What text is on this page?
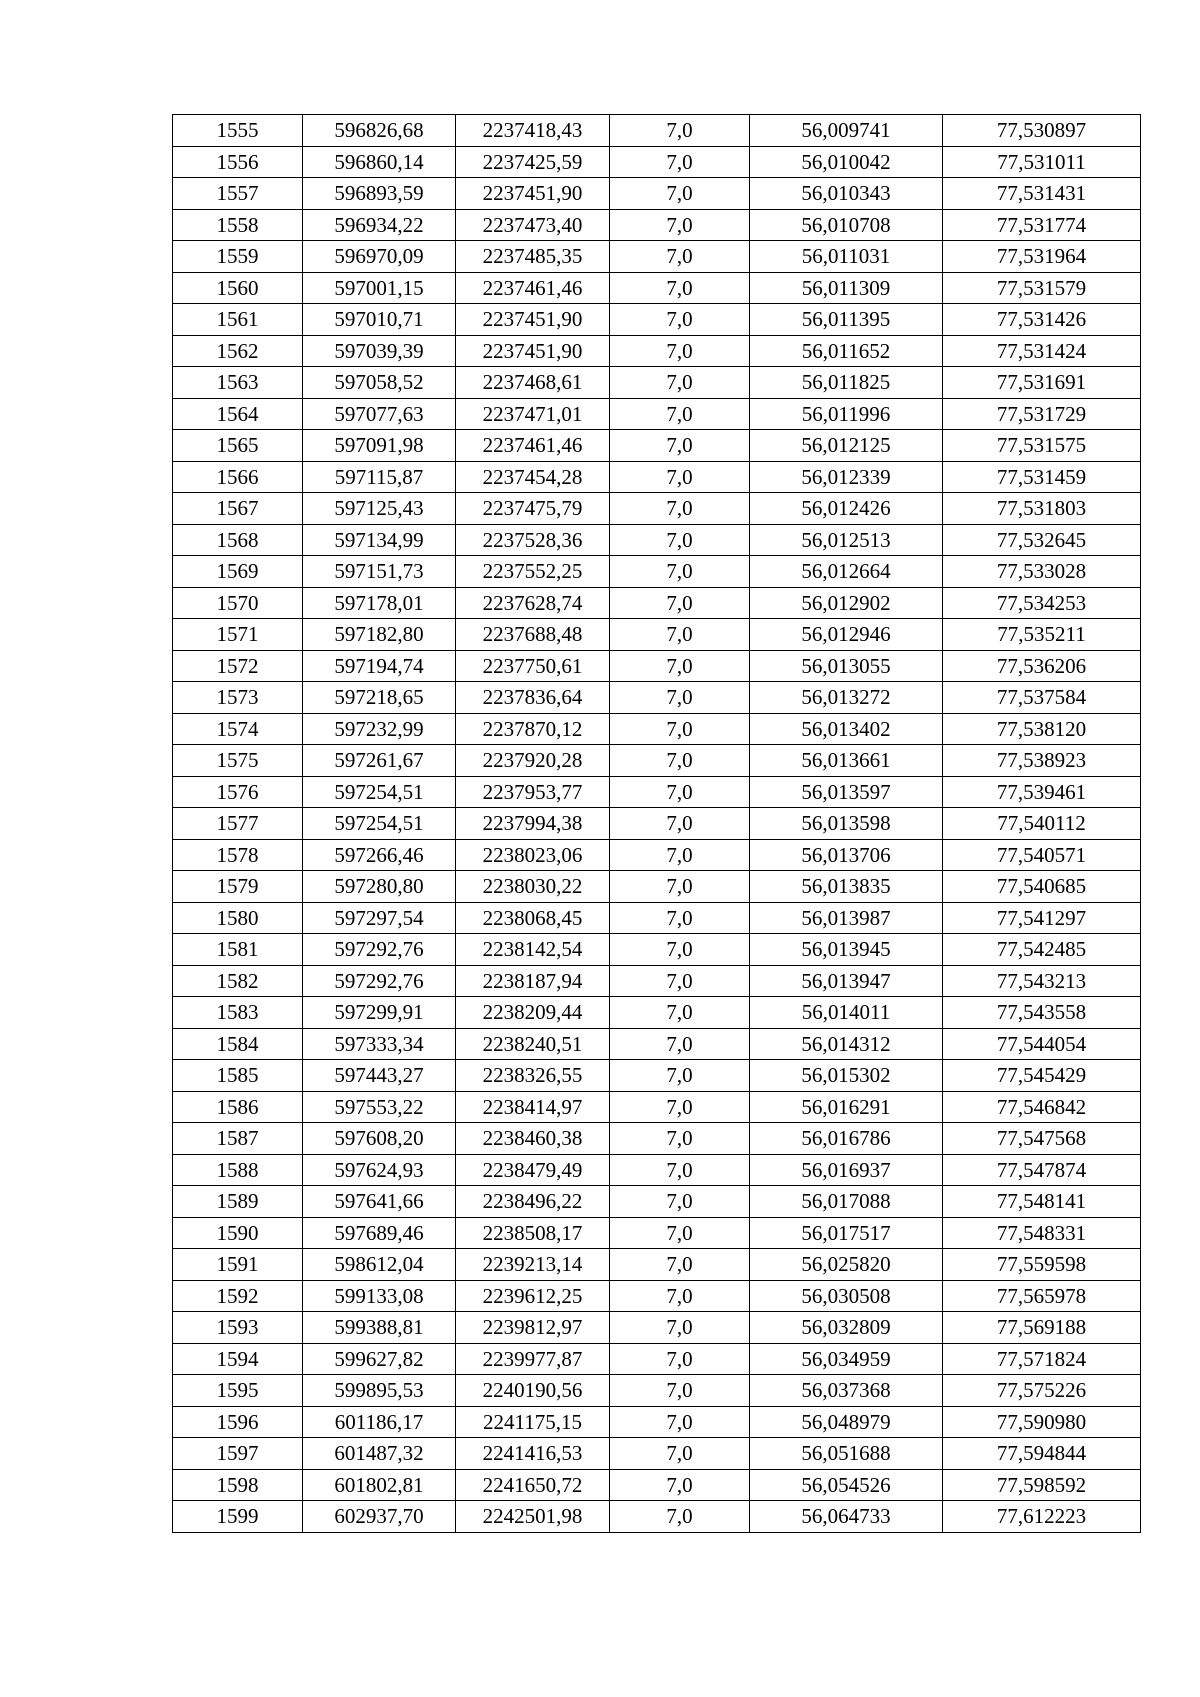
1555	596826,68	2237418,43	7,0	56,009741	77,530897
1556	596860,14	2237425,59	7,0	56,010042	77,531011
1557	596893,59	2237451,90	7,0	56,010343	77,531431
1558	596934,22	2237473,40	7,0	56,010708	77,531774
1559	596970,09	2237485,35	7,0	56,011031	77,531964
1560	597001,15	2237461,46	7,0	56,011309	77,531579
1561	597010,71	2237451,90	7,0	56,011395	77,531426
1562	597039,39	2237451,90	7,0	56,011652	77,531424
1563	597058,52	2237468,61	7,0	56,011825	77,531691
1564	597077,63	2237471,01	7,0	56,011996	77,531729
1565	597091,98	2237461,46	7,0	56,012125	77,531575
1566	597115,87	2237454,28	7,0	56,012339	77,531459
1567	597125,43	2237475,79	7,0	56,012426	77,531803
1568	597134,99	2237528,36	7,0	56,012513	77,532645
1569	597151,73	2237552,25	7,0	56,012664	77,533028
1570	597178,01	2237628,74	7,0	56,012902	77,534253
1571	597182,80	2237688,48	7,0	56,012946	77,535211
1572	597194,74	2237750,61	7,0	56,013055	77,536206
1573	597218,65	2237836,64	7,0	56,013272	77,537584
1574	597232,99	2237870,12	7,0	56,013402	77,538120
1575	597261,67	2237920,28	7,0	56,013661	77,538923
1576	597254,51	2237953,77	7,0	56,013597	77,539461
1577	597254,51	2237994,38	7,0	56,013598	77,540112
1578	597266,46	2238023,06	7,0	56,013706	77,540571
1579	597280,80	2238030,22	7,0	56,013835	77,540685
1580	597297,54	2238068,45	7,0	56,013987	77,541297
1581	597292,76	2238142,54	7,0	56,013945	77,542485
1582	597292,76	2238187,94	7,0	56,013947	77,543213
1583	597299,91	2238209,44	7,0	56,014011	77,543558
1584	597333,34	2238240,51	7,0	56,014312	77,544054
1585	597443,27	2238326,55	7,0	56,015302	77,545429
1586	597553,22	2238414,97	7,0	56,016291	77,546842
1587	597608,20	2238460,38	7,0	56,016786	77,547568
1588	597624,93	2238479,49	7,0	56,016937	77,547874
1589	597641,66	2238496,22	7,0	56,017088	77,548141
1590	597689,46	2238508,17	7,0	56,017517	77,548331
1591	598612,04	2239213,14	7,0	56,025820	77,559598
1592	599133,08	2239612,25	7,0	56,030508	77,565978
1593	599388,81	2239812,97	7,0	56,032809	77,569188
1594	599627,82	2239977,87	7,0	56,034959	77,571824
1595	599895,53	2240190,56	7,0	56,037368	77,575226
1596	601186,17	2241175,15	7,0	56,048979	77,590980
1597	601487,32	2241416,53	7,0	56,051688	77,594844
1598	601802,81	2241650,72	7,0	56,054526	77,598592
1599	602937,70	2242501,98	7,0	56,064733	77,612223
